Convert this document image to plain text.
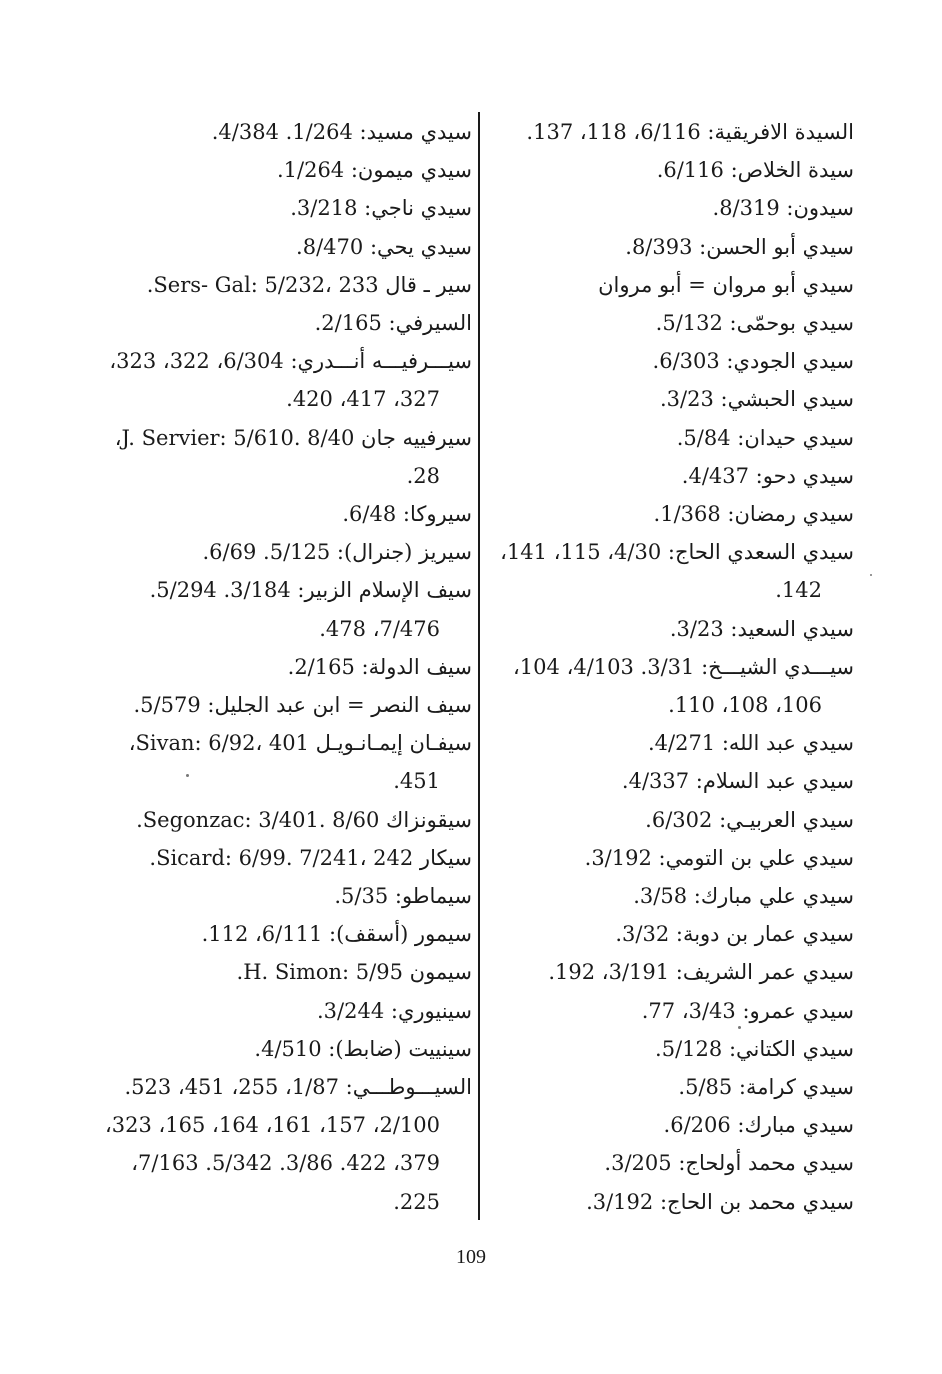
السيدة الافريقية: 6/116، 118، 137.
سيدة الخلاص: 6/116.
سيدون: 8/319.
سيدي أبو الحسن: 8/393.
سيدي أبو مروان = أبو مروان
سيدي بوحمّى: 5/132.
سيدي الجودي: 6/303.
سيدي الحبشي: 3/23.
سيدي حيدان: 5/84.
سيدي دحو: 4/437.
سيدي رمضان: 1/368.
سيدي السعدي الحاج: 4/30، 115، 141،
142.
سيدي السعيد: 3/23.
سيـــدي الشيـــخ: 3/31. 4/103، 104،
106، 108، 110.
سيدي عبد الله: 4/271.
سيدي عبد السلام: 4/337.
سيدي العربيـي: 6/302.
سيدي علي بن التومي: 3/192.
سيدي علي مبارك: 3/58.
سيدي عمار بن دوبة: 3/32.
سيدي عمر الشريف: 3/191، 192.
سيدي عمرو: 3/43، 77.
سيدي الكتاني: 5/128.
سيدي كرامة: 5/85.
سيدي مبارك: 6/206.
سيدي محمد أولحاج: 3/205.
سيدي محمد بن الحاج: 3/192.
سيدي مسيد: 1/264. 4/384.
سيدي ميمون: 1/264.
سيدي ناجي: 3/218.
سيدي يحي: 8/470.
سير ـ قال Sers- Gal: 5/232، 233.
السيرفي: 2/165.
سيـــرفيـــه أنـــدري: 6/304، 322، 323،
327، 417، 420.
سيرفييه جان J. Servier: 5/610. 8/40،
28.
سيروكا: 6/48.
سيريز (جنرال): 5/125. 6/69.
سيف الإسلام الزبير: 3/184. 5/294.
7/476، 478.
سيف الدولة: 2/165.
سيف النصر = ابن عبد الجليل: 5/579.
سيفـان إيمـانـويـل Sivan: 6/92، 401،
451.
سيقونزاك Segonzac: 3/401. 8/60.
سيكار Sicard: 6/99. 7/241، 242.
سيماطو: 5/35.
سيمور (أسقف): 6/111، 112.
سيمون H. Simon: 5/95.
سينيوري: 3/244.
سينييت (ضابط): 4/510.
السيـــوطـــي: 1/87، 255، 451، 523.
2/100، 157، 161، 164، 165، 323،
379، 422. 3/86. 5/342. 7/163،
225.
109
